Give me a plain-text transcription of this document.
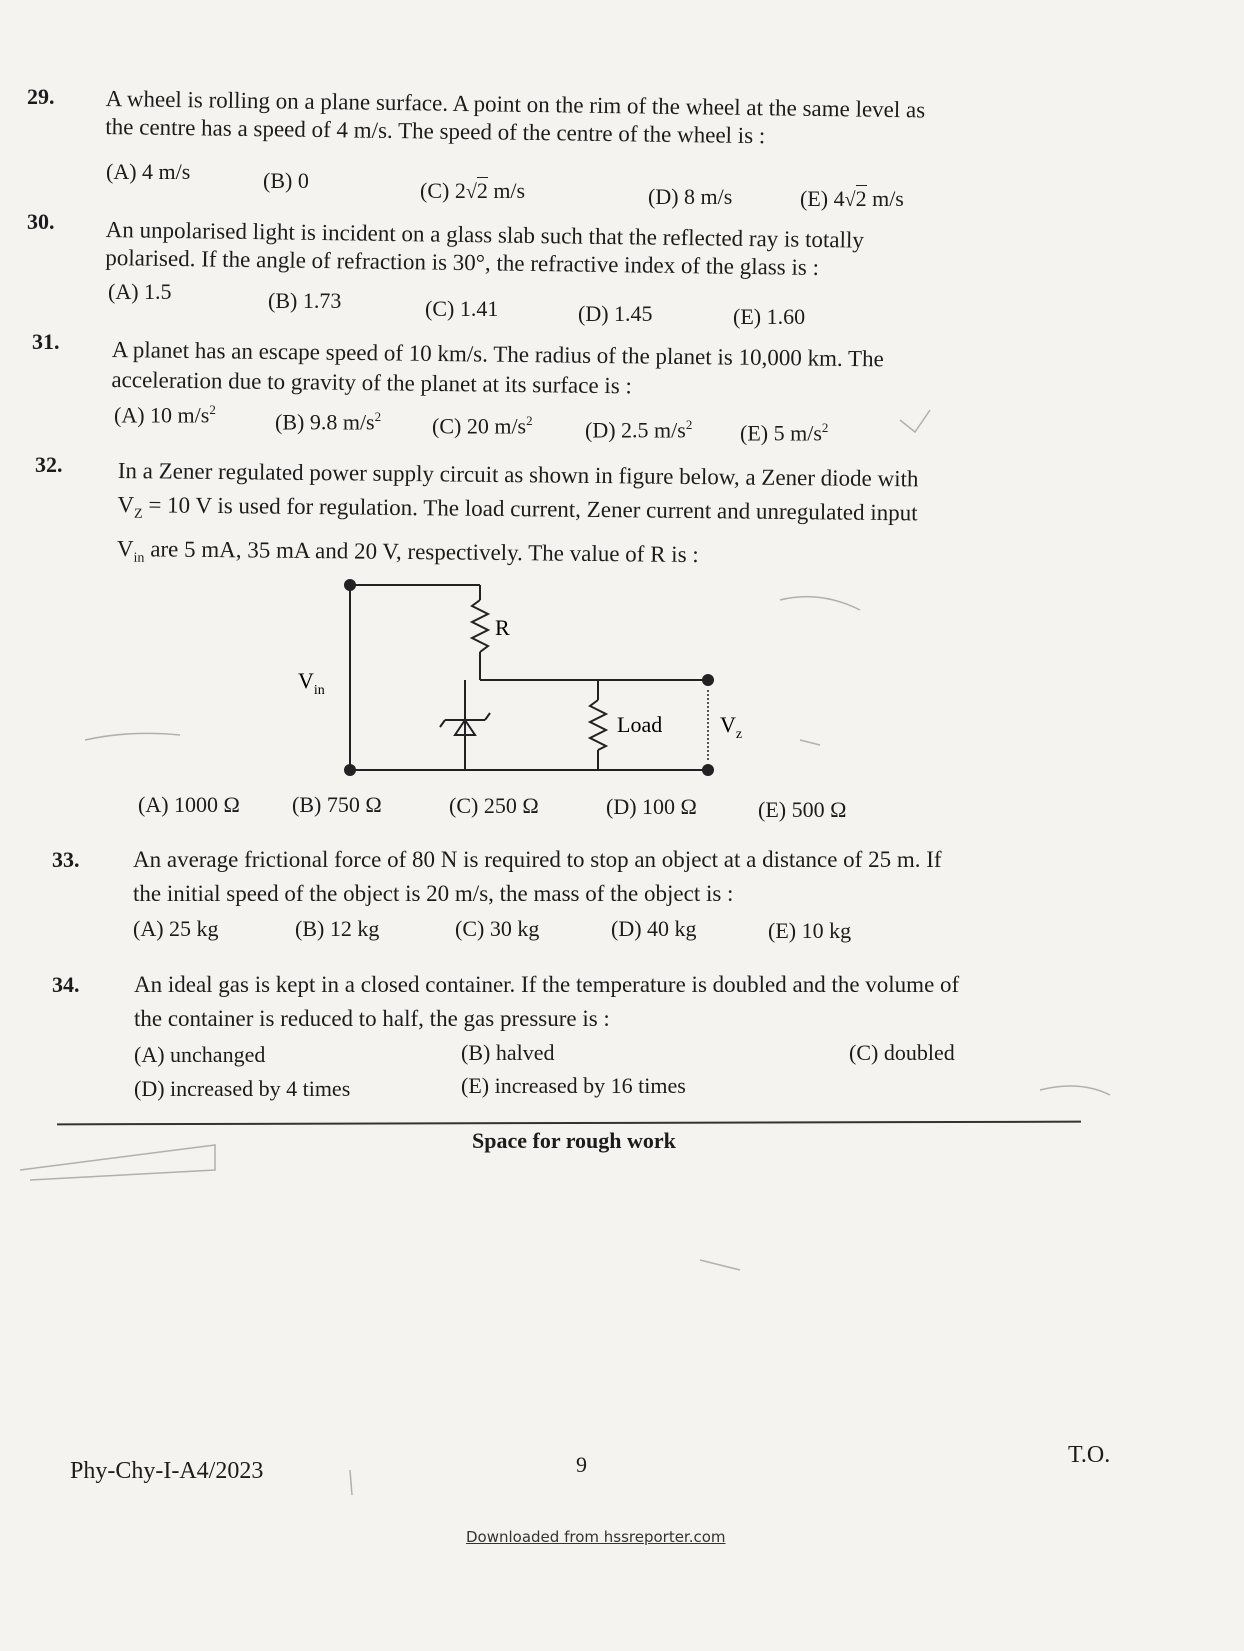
29. A wheel is rolling on a plane surface. A point on the rim of the wheel at the same level as
the centre has a speed of 4 m/s. The speed of the centre of the wheel is :
(A) 4 m/s	(B) 0	(C) 2√2 m/s	(D) 8 m/s	(E) 4√2 m/s
30. An unpolarised light is incident on a glass slab such that the reflected ray is totally
polarised. If the angle of refraction is 30°, the refractive index of the glass is :
(A) 1.5	(B) 1.73	(C) 1.41	(D) 1.45	(E) 1.60
31. A planet has an escape speed of 10 km/s. The radius of the planet is 10,000 km. The
acceleration due to gravity of the planet at its surface is :
(A) 10 $m/s^2$	(B) 9.8 $m/s^2$ (C) 20 $m/s^2$ (D) 2.5 $m/s^2$ (E) 5 $m/s^2$
32. In a Zener regulated power supply circuit as shown in figure below, a Zener diode with
$V_Z = 10$ V is used for regulation. The load current, Zener current and unregulated input
$V_{in}$ are 5 mA, 35 mA and 20 V, respectively. The value of R is :
R
$V_{in}$
Load	$V_z$
(A) 1000 Ω (B) 750 Ω	(C) 250 Ω	(D) 100 Ω	(E) 500 Ω
33. An average frictional force of 80 N is required to stop an object at a distance of 25 m. If
the initial speed of the object is 20 m/s, the mass of the object is :
(A) 25 kg	(B) 12 kg	(C) 30 kg	(D) 40 kg	(E) 10 kg
34. An ideal gas is kept in a closed container. If the temperature is doubled and the volume of
the container is reduced to half, the gas pressure is :
(A) unchanged	(B) halved	(C) doubled
(D) increased by 4 times	(E) increased by 16 times
Space for rough work
Phy-Chy-I-A4/2023	9	T.O.
Downloaded from hssreporter.com
